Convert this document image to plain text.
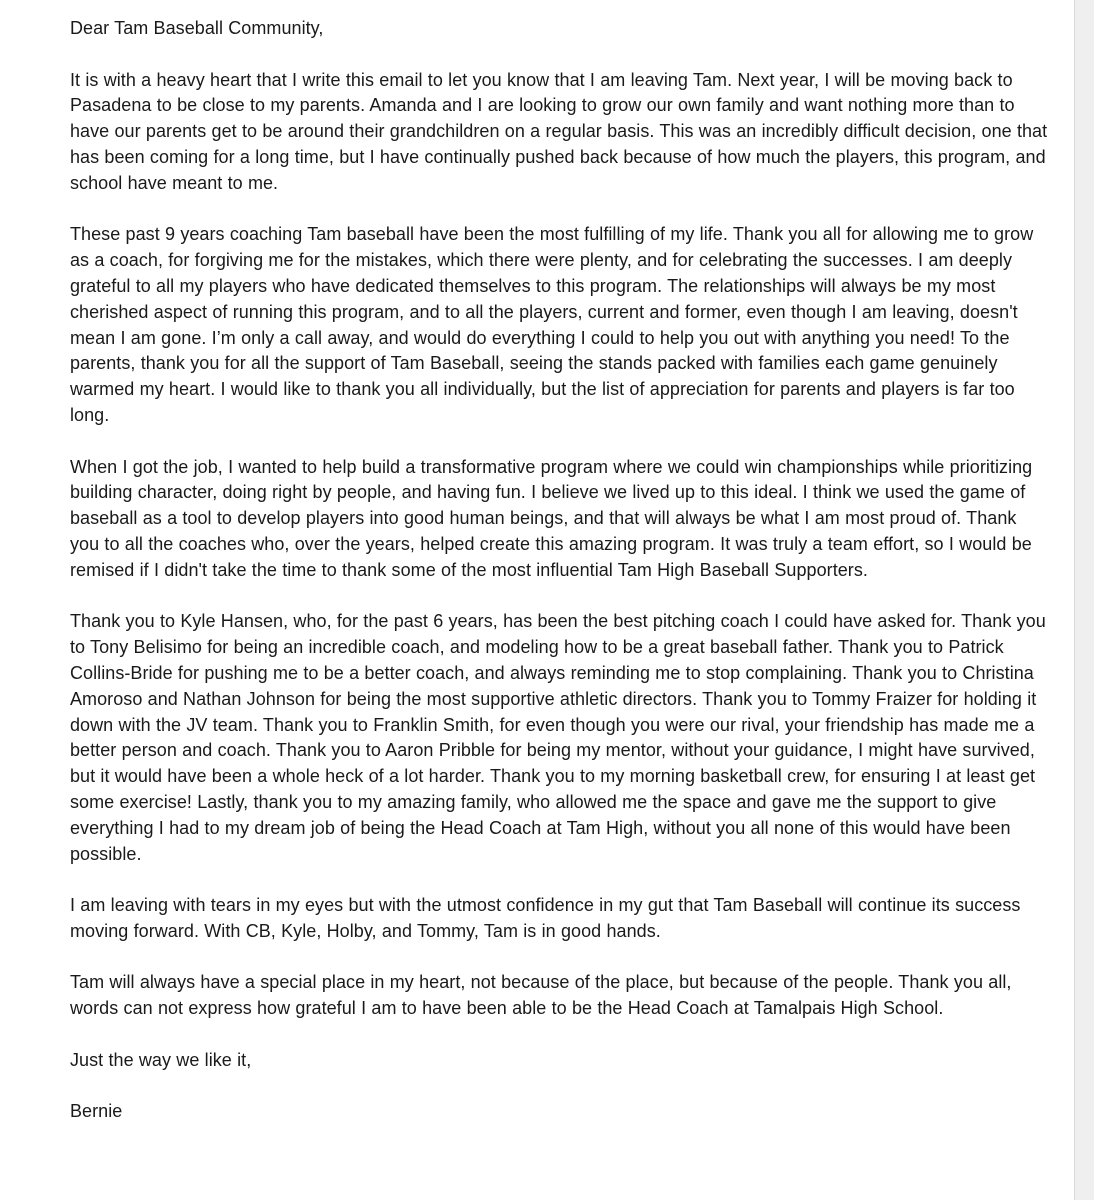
Dear Tam Baseball Community,

It is with a heavy heart that I write this email to let you know that I am leaving Tam. Next year, I will be moving back to Pasadena to be close to my parents. Amanda and I are looking to grow our own family and want nothing more than to have our parents get to be around their grandchildren on a regular basis. This was an incredibly difficult decision, one that has been coming for a long time, but I have continually pushed back because of how much the players, this program, and school have meant to me.

These past 9 years coaching Tam baseball have been the most fulfilling of my life. Thank you all for allowing me to grow as a coach, for forgiving me for the mistakes, which there were plenty, and for celebrating the successes. I am deeply grateful to all my players who have dedicated themselves to this program. The relationships will always be my most cherished aspect of running this program, and to all the players, current and former, even though I am leaving, doesn't mean I am gone. I’m only a call away, and would do everything I could to help you out with anything you need! To the parents, thank you for all the support of Tam Baseball, seeing the stands packed with families each game genuinely warmed my heart. I would like to thank you all individually, but the list of appreciation for parents and players is far too long.

When I got the job, I wanted to help build a transformative program where we could win championships while prioritizing building character, doing right by people, and having fun. I believe we lived up to this ideal. I think we used the game of baseball as a tool to develop players into good human beings, and that will always be what I am most proud of. Thank you to all the coaches who, over the years, helped create this amazing program. It was truly a team effort, so I would be remised if I didn't take the time to thank some of the most influential Tam High Baseball Supporters.

Thank you to Kyle Hansen, who, for the past 6 years, has been the best pitching coach I could have asked for. Thank you to Tony Belisimo for being an incredible coach, and modeling how to be a great baseball father. Thank you to Patrick Collins-Bride for pushing me to be a better coach, and always reminding me to stop complaining. Thank you to Christina Amoroso and Nathan Johnson for being the most supportive athletic directors. Thank you to Tommy Fraizer for holding it down with the JV team. Thank you to Franklin Smith, for even though you were our rival, your friendship has made me a better person and coach. Thank you to Aaron Pribble for being my mentor, without your guidance, I might have survived, but it would have been a whole heck of a lot harder. Thank you to my morning basketball crew, for ensuring I at least get some exercise! Lastly, thank you to my amazing family, who allowed me the space and gave me the support to give everything I had to my dream job of being the Head Coach at Tam High, without you all none of this would have been possible.

I am leaving with tears in my eyes but with the utmost confidence in my gut that Tam Baseball will continue its success moving forward. With CB, Kyle, Holby, and Tommy, Tam is in good hands.

Tam will always have a special place in my heart, not because of the place, but because of the people. Thank you all, words can not express how grateful I am to have been able to be the Head Coach at Tamalpais High School.

Just the way we like it,

Bernie
